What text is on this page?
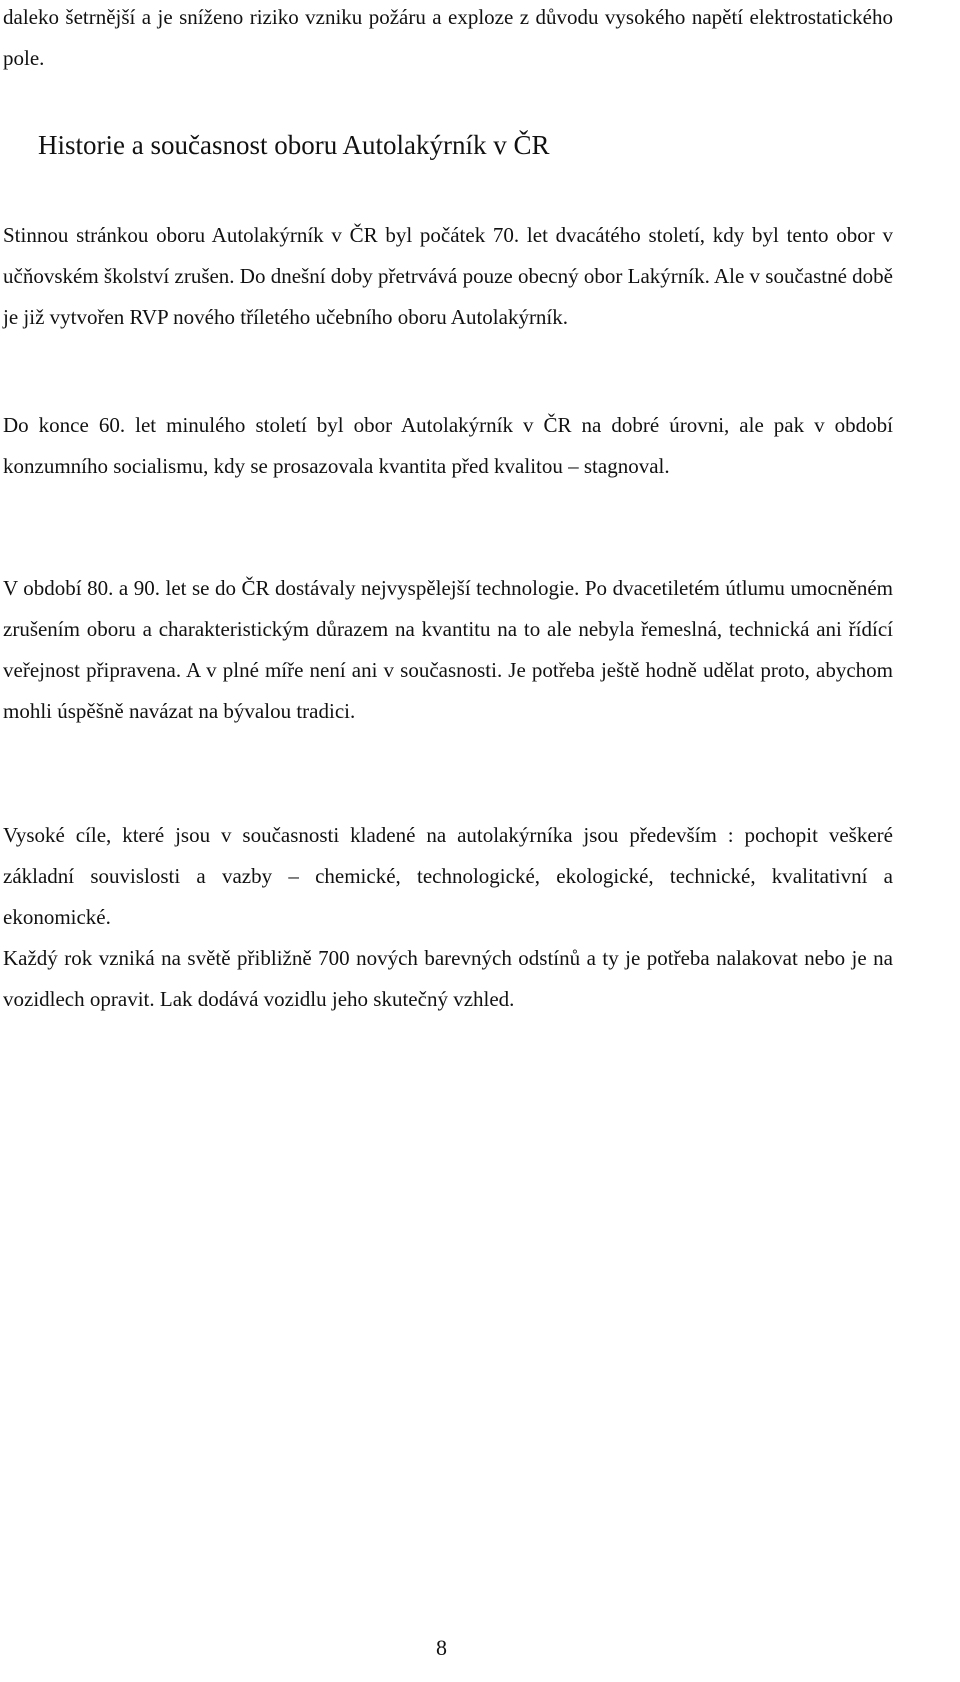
daleko šetrnější a je sníženo riziko vzniku požáru a exploze z důvodu vysokého napětí elektrostatického pole.

Historie a současnost oboru Autolakýrník v ČR

Stinnou stránkou oboru Autolakýrník v ČR byl počátek 70. let dvacátého století, kdy byl tento obor v učňovském školství zrušen. Do dnešní doby přetrvává pouze obecný obor Lakýrník. Ale v součastné době je již vytvořen RVP nového tříletého učebního oboru Autolakýrník.

Do konce 60. let minulého století byl obor Autolakýrník v ČR na dobré úrovni, ale pak v období konzumního socialismu, kdy se prosazovala kvantita před kvalitou – stagnoval.

V období 80. a 90. let se do ČR dostávaly nejvyspělejší technologie. Po dvacetiletém útlumu umocněném zrušením oboru a charakteristickým důrazem na kvantitu na to ale nebyla řemeslná, technická ani řídící veřejnost připravena. A v plné míře není ani v současnosti. Je potřeba ještě hodně udělat proto, abychom mohli úspěšně navázat na bývalou tradici.

Vysoké cíle, které jsou v současnosti kladené na autolakýrníka jsou především : pochopit veškeré základní souvislosti a vazby – chemické, technologické, ekologické, technické, kvalitativní a ekonomické.

Každý rok vzniká na světě přibližně 700 nových barevných odstínů a ty je potřeba nalakovat nebo je na vozidlech opravit. Lak dodává vozidlu jeho skutečný vzhled.

8
